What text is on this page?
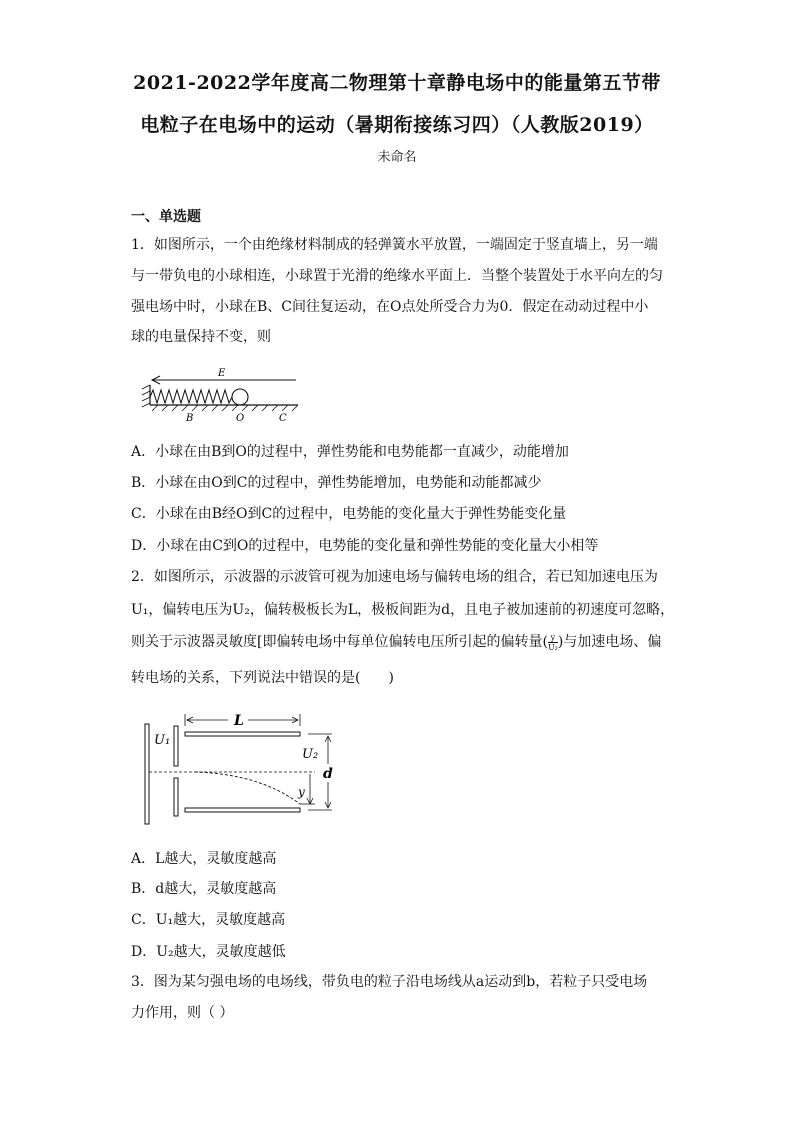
2021-2022学年度高二物理第十章静电场中的能量第五节带
电粒子在电场中的运动（暑期衔接练习四）（人教版2019）
未命名
一、单选题
1．如图所示，一个由绝缘材料制成的轻弹簧水平放置，一端固定于竖直墙上，另一端
与一带负电的小球相连，小球置于光滑的绝缘水平面上．当整个装置处于水平向左的匀
强电场中时，小球在B、C间往复运动，在O点处所受合力为0．假定在动动过程中小
球的电量保持不变，则
E
B	O	C
A．小球在由B到O的过程中，弹性势能和电势能都一直减少，动能增加
B．小球在由O到C的过程中，弹性势能增加，电势能和动能都减少
C．小球在由B经O到C的过程中，电势能的变化量大于弹性势能变化量
D．小球在由C到O的过程中，电势能的变化量和弹性势能的变化量大小相等
2．如图所示，示波器的示波管可视为加速电场与偏转电场的组合，若已知加速电压为
U₁，偏转电压为U₂，偏转极板长为L，极板间距为d，且电子被加速前的初速度可忽略，
则关于示波器灵敏度[即偏转电场中每单位偏转电压所引起的偏转量( $\frac{y}{\text{U₂}}$ )与加速电场、偏
转电场的关系，下列说法中错误的是(　　)
U₁
L
y
d
U₂
A．L越大，灵敏度越高
B．d越大，灵敏度越高
C．U₁越大，灵敏度越高
D．U₂越大，灵敏度越低
3．图为某匀强电场的电场线，带负电的粒子沿电场线从a运动到b，若粒子只受电场
力作用，则（ ）
